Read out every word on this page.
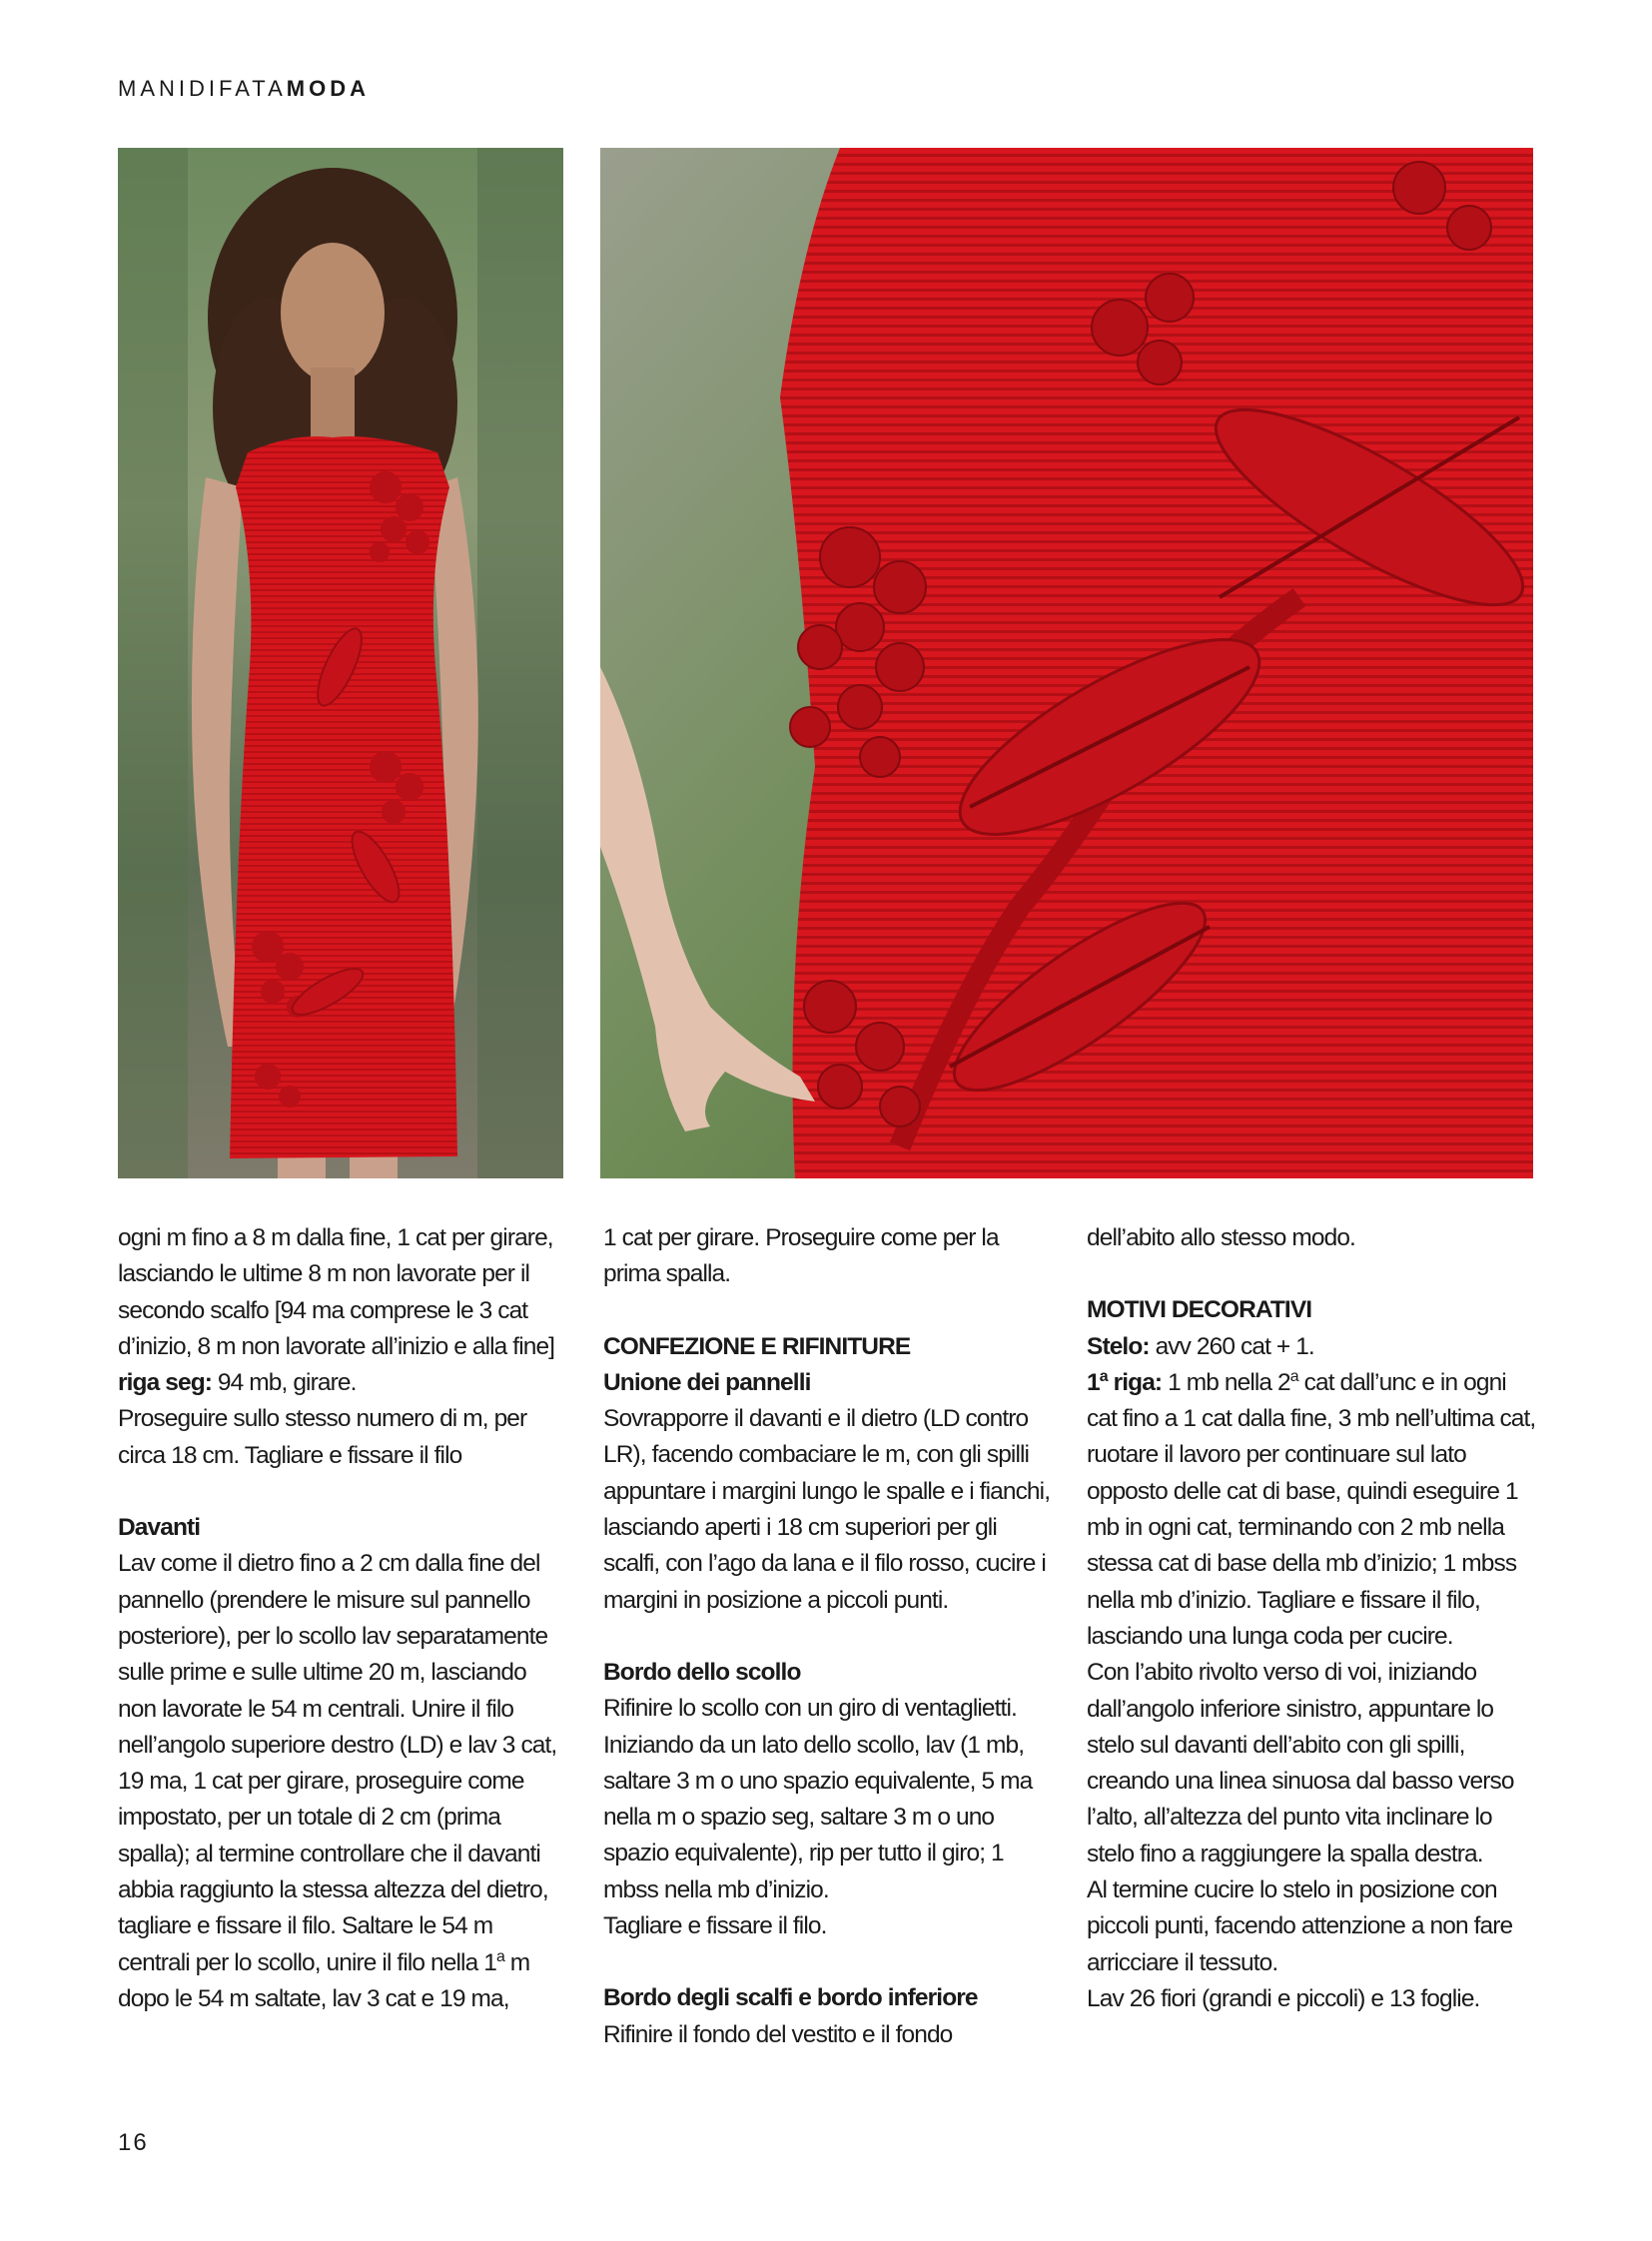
MANIDIFATAMODA

ogni m fino a 8 m dalla fine, 1 cat per girare, lasciando le ultime 8 m non lavorate per il secondo scalfo [94 ma comprese le 3 cat d’inizio, 8 m non lavorate all’inizio e alla fine]

riga seg: 94 mb, girare.

Proseguire sullo stesso numero di m, per circa 18 cm. Tagliare e fissare il filo

Davanti

Lav come il dietro fino a 2 cm dalla fine del pannello (prendere le misure sul pannello posteriore), per lo scollo lav separatamente sulle prime e sulle ultime 20 m, lasciando non lavorate le 54 m centrali. Unire il filo nell’angolo superiore destro (LD) e lav 3 cat, 19 ma, 1 cat per girare, proseguire come impostato, per un totale di 2 cm (prima spalla); al termine controllare che il davanti abbia raggiunto la stessa altezza del dietro, tagliare e fissare il filo. Saltare le 54 m centrali per lo scollo, unire il filo nella 1$^a$ m dopo le 54 m saltate, lav 3 cat e 19 ma,

1 cat per girare. Proseguire come per la prima spalla.

CONFEZIONE E RIFINITURE

Unione dei pannelli

Sovrapporre il davanti e il dietro (LD contro LR), facendo combaciare le m, con gli spilli appuntare i margini lungo le spalle e i fianchi, lasciando aperti i 18 cm superiori per gli scalfi, con l’ago da lana e il filo rosso, cucire i margini in posizione a piccoli punti.

Bordo dello scollo

Rifinire lo scollo con un giro di ventaglietti. Iniziando da un lato dello scollo, lav (1 mb, saltare 3 m o uno spazio equivalente, 5 ma nella m o spazio seg, saltare 3 m o uno spazio equivalente), rip per tutto il giro; 1 mbss nella mb d’inizio.

Tagliare e fissare il filo.

Bordo degli scalfi e bordo inferiore

Rifinire il fondo del vestito e il fondo

dell’abito allo stesso modo.

MOTIVI DECORATIVI

Stelo: avv 260 cat + 1.

1$^a$ riga: 1 mb nella 2$^a$ cat dall’unc e in ogni cat fino a 1 cat dalla fine, 3 mb nell’ultima cat, ruotare il lavoro per continuare sul lato opposto delle cat di base, quindi eseguire 1 mb in ogni cat, terminando con 2 mb nella stessa cat di base della mb d’inizio; 1 mbss nella mb d’inizio. Tagliare e fissare il filo, lasciando una lunga coda per cucire.

Con l’abito rivolto verso di voi, iniziando dall’angolo inferiore sinistro, appuntare lo stelo sul davanti dell’abito con gli spilli, creando una linea sinuosa dal basso verso l’alto, all’altezza del punto vita inclinare lo stelo fino a raggiungere la spalla destra.

Al termine cucire lo stelo in posizione con piccoli punti, facendo attenzione a non fare arricciare il tessuto.

Lav 26 fiori (grandi e piccoli) e 13 foglie.

16
